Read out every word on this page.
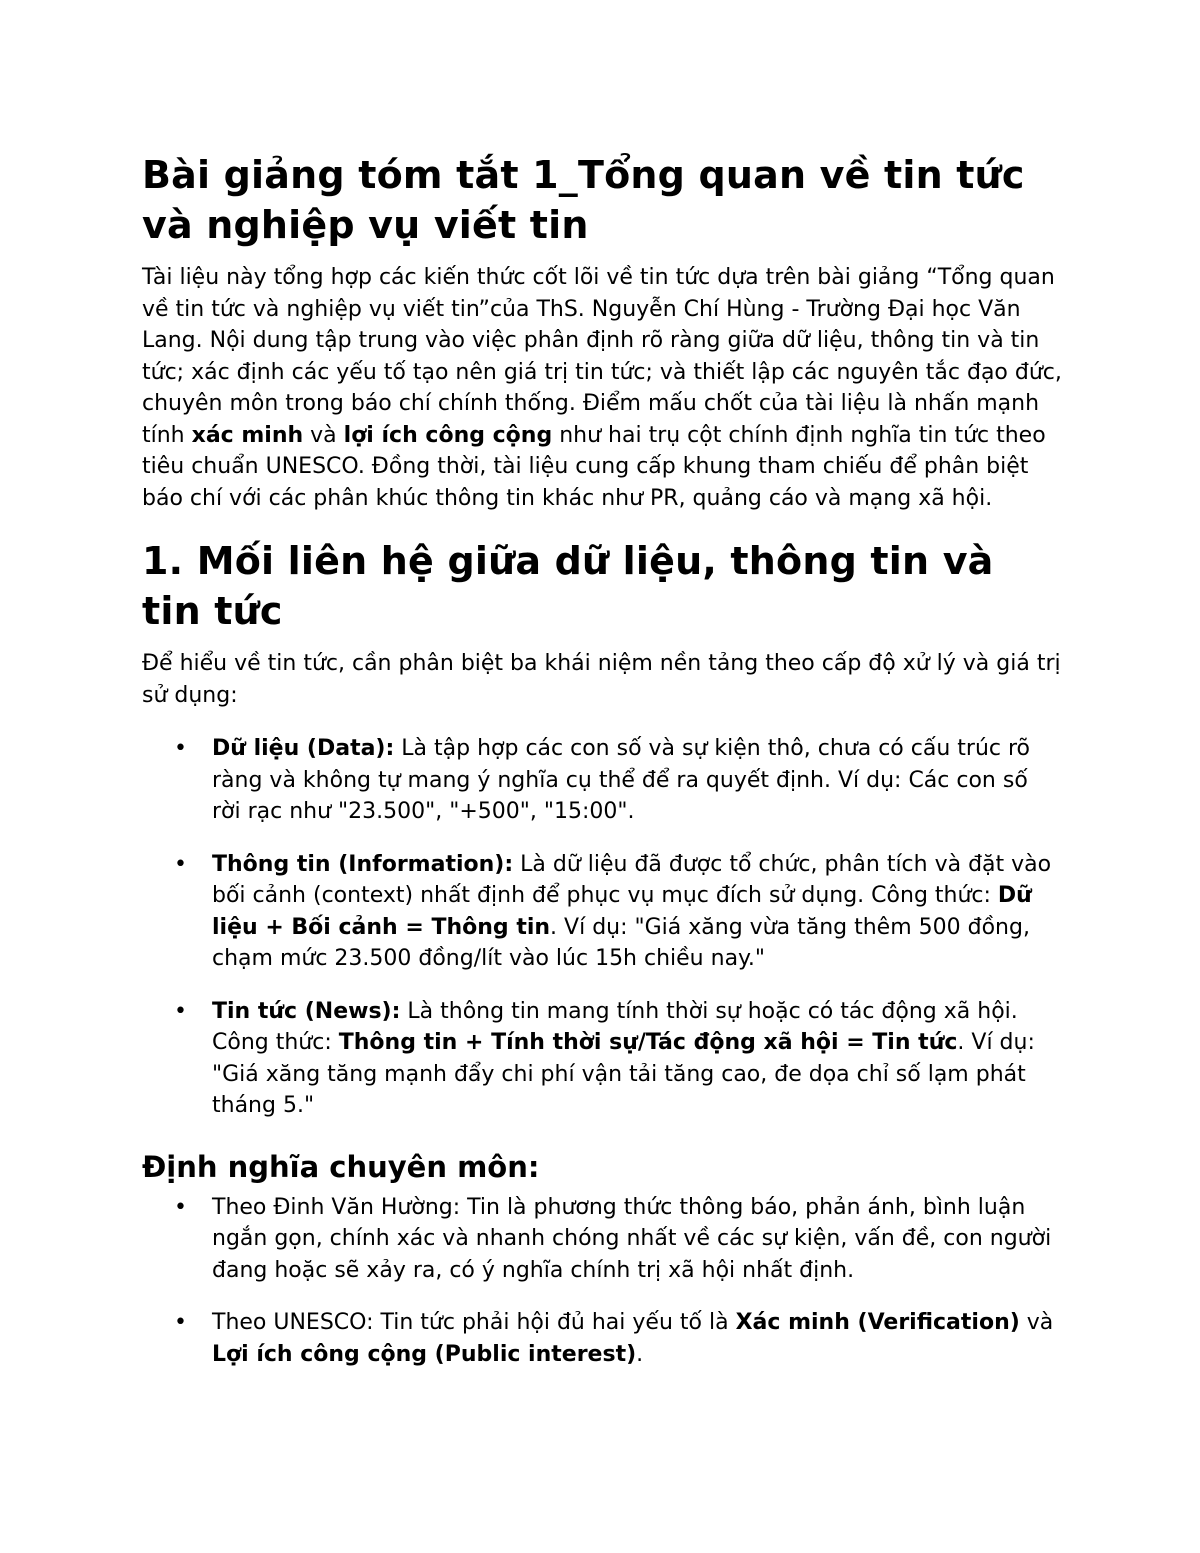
Bài giảng tóm tắt 1_Tổng quan về tin tức và nghiệp vụ viết tin

Tài liệu này tổng hợp các kiến thức cốt lõi về tin tức dựa trên bài giảng “Tổng quan về tin tức và nghiệp vụ viết tin”của ThS. Nguyễn Chí Hùng - Trường Đại học Văn Lang. Nội dung tập trung vào việc phân định rõ ràng giữa dữ liệu, thông tin và tin tức; xác định các yếu tố tạo nên giá trị tin tức; và thiết lập các nguyên tắc đạo đức, chuyên môn trong báo chí chính thống. Điểm mấu chốt của tài liệu là nhấn mạnh tính xác minh và lợi ích công cộng như hai trụ cột chính định nghĩa tin tức theo tiêu chuẩn UNESCO. Đồng thời, tài liệu cung cấp khung tham chiếu để phân biệt báo chí với các phân khúc thông tin khác như PR, quảng cáo và mạng xã hội.

1. Mối liên hệ giữa dữ liệu, thông tin và tin tức

Để hiểu về tin tức, cần phân biệt ba khái niệm nền tảng theo cấp độ xử lý và giá trị sử dụng:

• Dữ liệu (Data): Là tập hợp các con số và sự kiện thô, chưa có cấu trúc rõ ràng và không tự mang ý nghĩa cụ thể để ra quyết định. Ví dụ: Các con số rời rạc như "23.500", "+500", "15:00".
• Thông tin (Information): Là dữ liệu đã được tổ chức, phân tích và đặt vào bối cảnh (context) nhất định để phục vụ mục đích sử dụng. Công thức: Dữ liệu + Bối cảnh = Thông tin. Ví dụ: "Giá xăng vừa tăng thêm 500 đồng, chạm mức 23.500 đồng/lít vào lúc 15h chiều nay."
• Tin tức (News): Là thông tin mang tính thời sự hoặc có tác động xã hội. Công thức: Thông tin + Tính thời sự/Tác động xã hội = Tin tức. Ví dụ: "Giá xăng tăng mạnh đẩy chi phí vận tải tăng cao, đe dọa chỉ số lạm phát tháng 5."
Định nghĩa chuyên môn:
• Theo Đinh Văn Hường: Tin là phương thức thông báo, phản ánh, bình luận ngắn gọn, chính xác và nhanh chóng nhất về các sự kiện, vấn đề, con người đang hoặc sẽ xảy ra, có ý nghĩa chính trị xã hội nhất định.
• Theo UNESCO: Tin tức phải hội đủ hai yếu tố là Xác minh (Verification) và Lợi ích công cộng (Public interest).
